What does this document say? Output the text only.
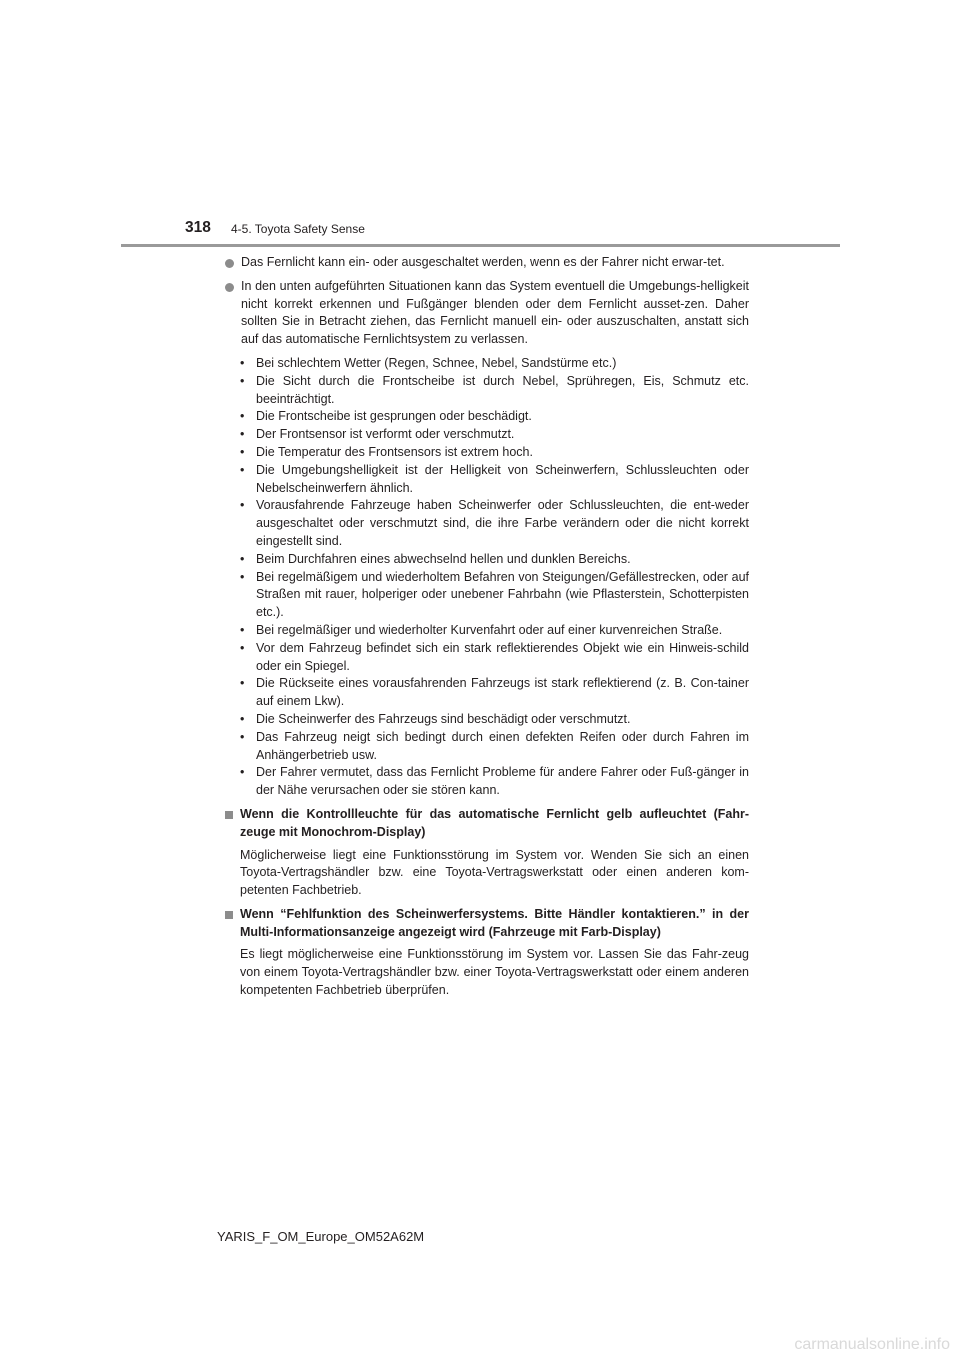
318 4-5. Toyota Safety Sense
Das Fernlicht kann ein- oder ausgeschaltet werden, wenn es der Fahrer nicht erwar-tet.
In den unten aufgeführten Situationen kann das System eventuell die Umgebungs-helligkeit nicht korrekt erkennen und Fußgänger blenden oder dem Fernlicht ausset-zen. Daher sollten Sie in Betracht ziehen, das Fernlicht manuell ein- oder auszuschalten, anstatt sich auf das automatische Fernlichtsystem zu verlassen.
• Bei schlechtem Wetter (Regen, Schnee, Nebel, Sandstürme etc.)
• Die Sicht durch die Frontscheibe ist durch Nebel, Sprühregen, Eis, Schmutz etc. beeinträchtigt.
• Die Frontscheibe ist gesprungen oder beschädigt.
• Der Frontsensor ist verformt oder verschmutzt.
• Die Temperatur des Frontsensors ist extrem hoch.
• Die Umgebungshelligkeit ist der Helligkeit von Scheinwerfern, Schlussleuchten oder Nebelscheinwerfern ähnlich.
• Vorausfahrende Fahrzeuge haben Scheinwerfer oder Schlussleuchten, die ent-weder ausgeschaltet oder verschmutzt sind, die ihre Farbe verändern oder die nicht korrekt eingestellt sind.
• Beim Durchfahren eines abwechselnd hellen und dunklen Bereichs.
• Bei regelmäßigem und wiederholtem Befahren von Steigungen/Gefällestrecken, oder auf Straßen mit rauer, holperiger oder unebener Fahrbahn (wie Pflasterstein, Schotterpisten etc.).
• Bei regelmäßiger und wiederholter Kurvenfahrt oder auf einer kurvenreichen Straße.
• Vor dem Fahrzeug befindet sich ein stark reflektierendes Objekt wie ein Hinweis-schild oder ein Spiegel.
• Die Rückseite eines vorausfahrenden Fahrzeugs ist stark reflektierend (z. B. Con-tainer auf einem Lkw).
• Die Scheinwerfer des Fahrzeugs sind beschädigt oder verschmutzt.
• Das Fahrzeug neigt sich bedingt durch einen defekten Reifen oder durch Fahren im Anhängerbetrieb usw.
• Der Fahrer vermutet, dass das Fernlicht Probleme für andere Fahrer oder Fuß-gänger in der Nähe verursachen oder sie stören kann.
Wenn die Kontrollleuchte für das automatische Fernlicht gelb aufleuchtet (Fahr-zeuge mit Monochrom-Display)
Möglicherweise liegt eine Funktionsstörung im System vor. Wenden Sie sich an einen Toyota-Vertragshändler bzw. eine Toyota-Vertragswerkstatt oder einen anderen kom-petenten Fachbetrieb.
Wenn “Fehlfunktion des Scheinwerfersystems. Bitte Händler kontaktieren.” in der Multi-Informationsanzeige angezeigt wird (Fahrzeuge mit Farb-Display)
Es liegt möglicherweise eine Funktionsstörung im System vor. Lassen Sie das Fahr-zeug von einem Toyota-Vertragshändler bzw. einer Toyota-Vertragswerkstatt oder einem anderen kompetenten Fachbetrieb überprüfen.
YARIS_F_OM_Europe_OM52A62M
carmanualsonline.info
